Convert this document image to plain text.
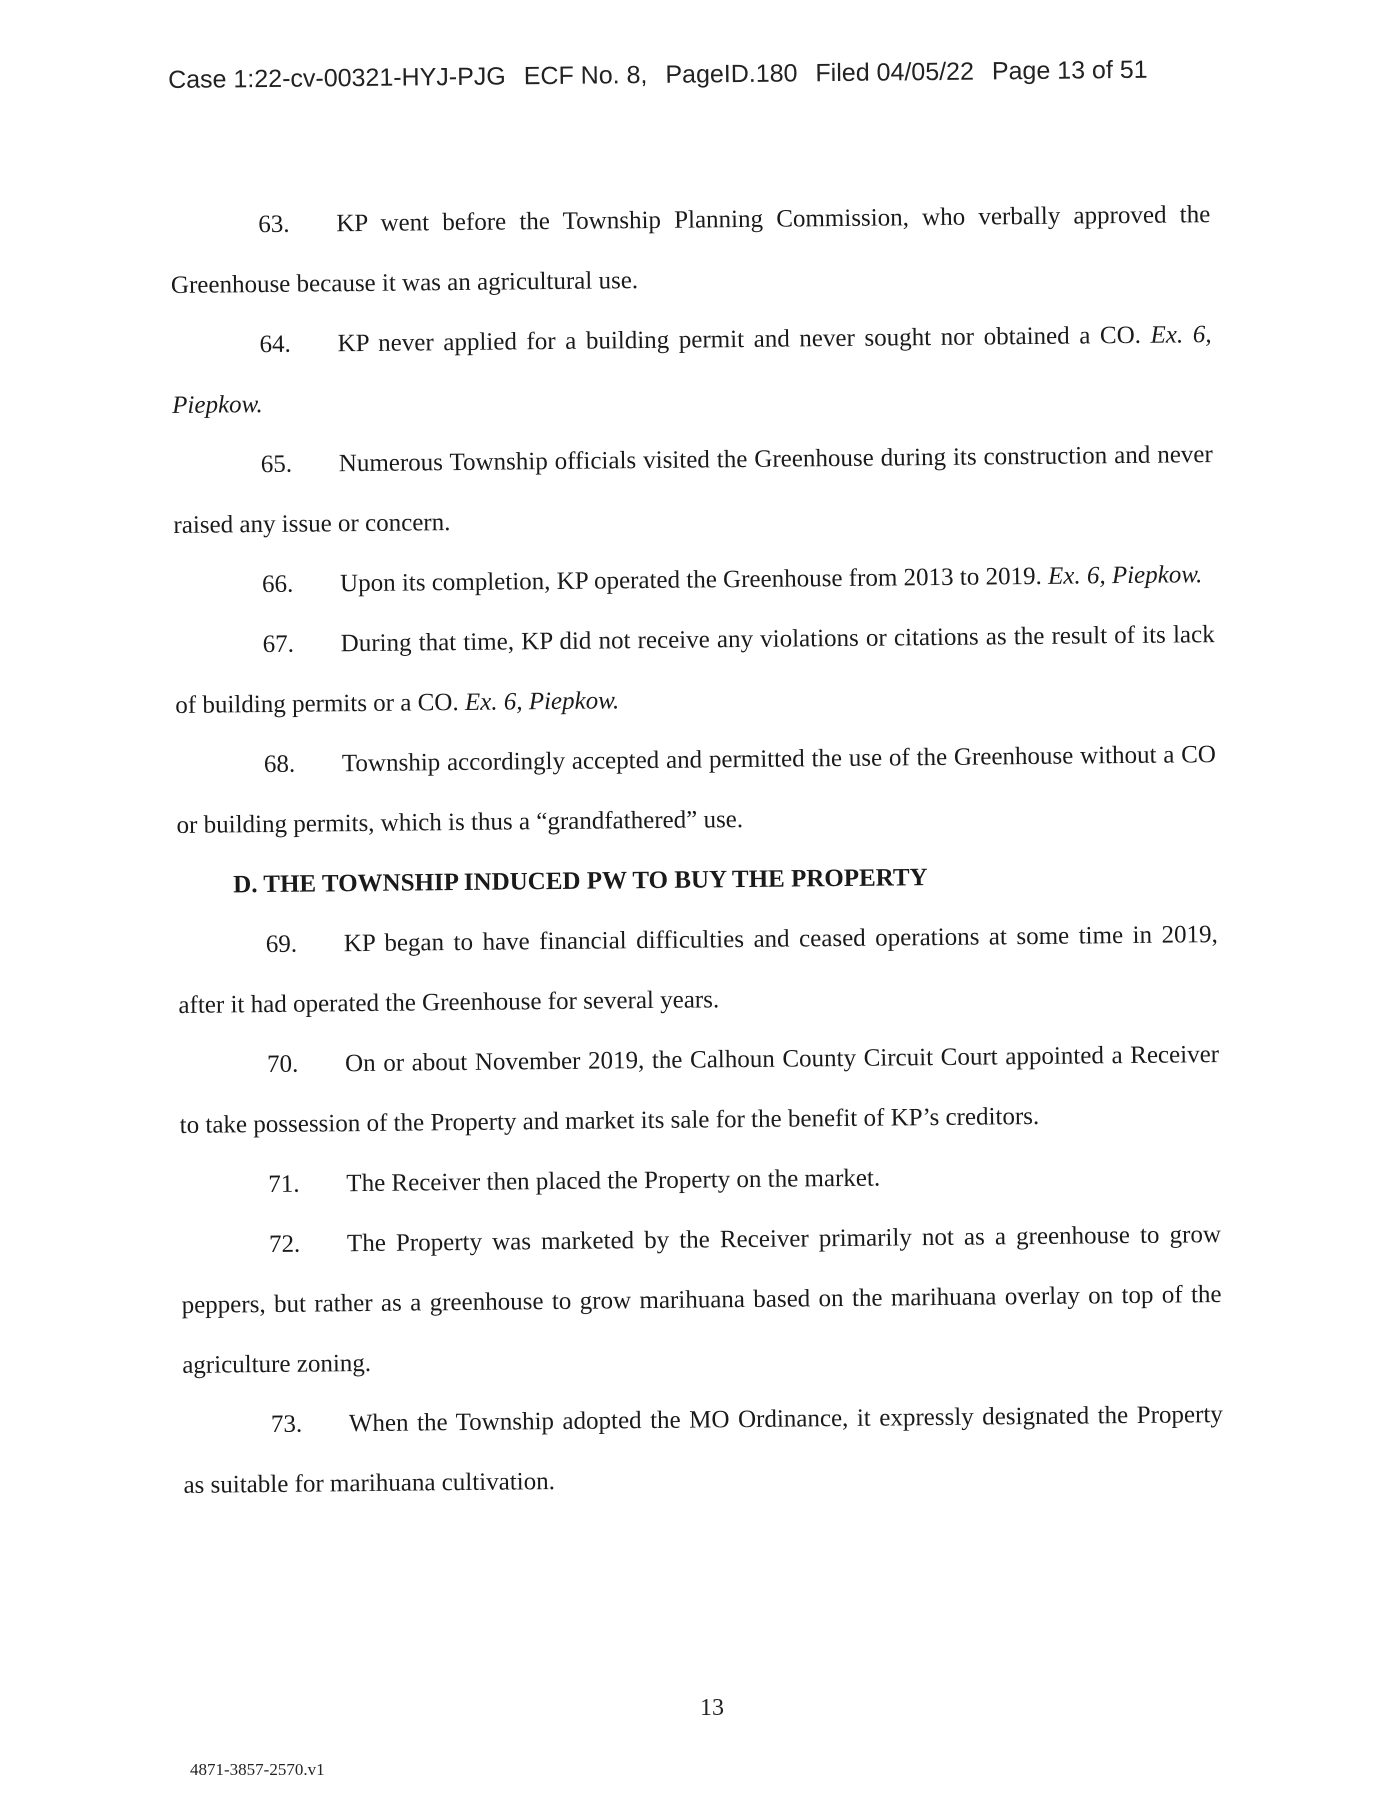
Case 1:22-cv-00321-HYJ-PJG ECF No. 8, PageID.180 Filed 04/05/22 Page 13 of 51

63. KP went before the Township Planning Commission, who verbally approved the Greenhouse because it was an agricultural use.

64. KP never applied for a building permit and never sought nor obtained a CO. Ex. 6, Piepkow.

65. Numerous Township officials visited the Greenhouse during its construction and never raised any issue or concern.

66. Upon its completion, KP operated the Greenhouse from 2013 to 2019. Ex. 6, Piepkow.

67. During that time, KP did not receive any violations or citations as the result of its lack of building permits or a CO. Ex. 6, Piepkow.

68. Township accordingly accepted and permitted the use of the Greenhouse without a CO or building permits, which is thus a “grandfathered” use.

D. THE TOWNSHIP INDUCED PW TO BUY THE PROPERTY

69. KP began to have financial difficulties and ceased operations at some time in 2019, after it had operated the Greenhouse for several years.

70. On or about November 2019, the Calhoun County Circuit Court appointed a Receiver to take possession of the Property and market its sale for the benefit of KP’s creditors.

71. The Receiver then placed the Property on the market.

72. The Property was marketed by the Receiver primarily not as a greenhouse to grow peppers, but rather as a greenhouse to grow marihuana based on the marihuana overlay on top of the agriculture zoning.

73. When the Township adopted the MO Ordinance, it expressly designated the Property as suitable for marihuana cultivation.

13
4871-3857-2570.v1
